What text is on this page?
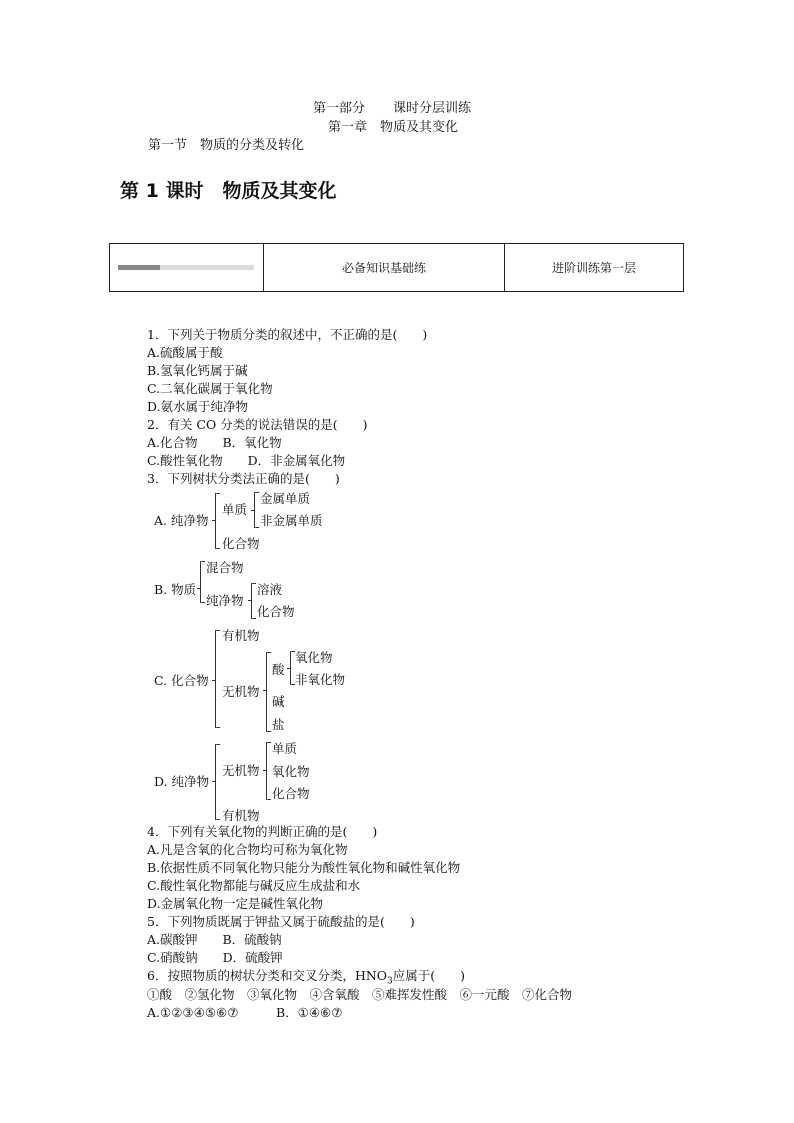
第一部分 课时分层训练
第一章　物质及其变化
第一节　物质的分类及转化
第 1 课时　物质及其变化
必备知识基础练	进阶训练第一层
1．下列关于物质分类的叙述中，不正确的是(　　)
A.硫酸属于酸
B.氢氧化钙属于碱
C.二氧化碳属于氧化物
D.氨水属于纯净物
2．有关 CO 分类的说法错误的是(　　)
A.化合物　　B．氧化物
C.酸性氧化物　　D．非金属氧化物
3．下列树状分类法正确的是(　　)
A. 纯净物
单质
金属单质
非金属单质
化合物
B. 物质
混合物
纯净物
溶液
化合物
C. 化合物
有机物
无机物
酸
氧化物
非氧化物
碱
盐
D. 纯净物
无机物
单质
氧化物
化合物
有机物
4．下列有关氧化物的判断正确的是(　　)
A.凡是含氧的化合物均可称为氧化物
B.依据性质不同氧化物只能分为酸性氧化物和碱性氧化物
C.酸性氧化物都能与碱反应生成盐和水
D.金属氧化物一定是碱性氧化物
5．下列物质既属于钾盐又属于硫酸盐的是(　　)
A.碳酸钾　　B．硫酸钠
C.硝酸钠　　D．硫酸钾
6．按照物质的树状分类和交叉分类，$HNO_3$应属于(　　)
①酸　②氢化物　③氧化物　④含氧酸　⑤难挥发性酸　⑥一元酸　⑦化合物
A.①②③④⑤⑥⑦　　　B．①④⑥⑦
